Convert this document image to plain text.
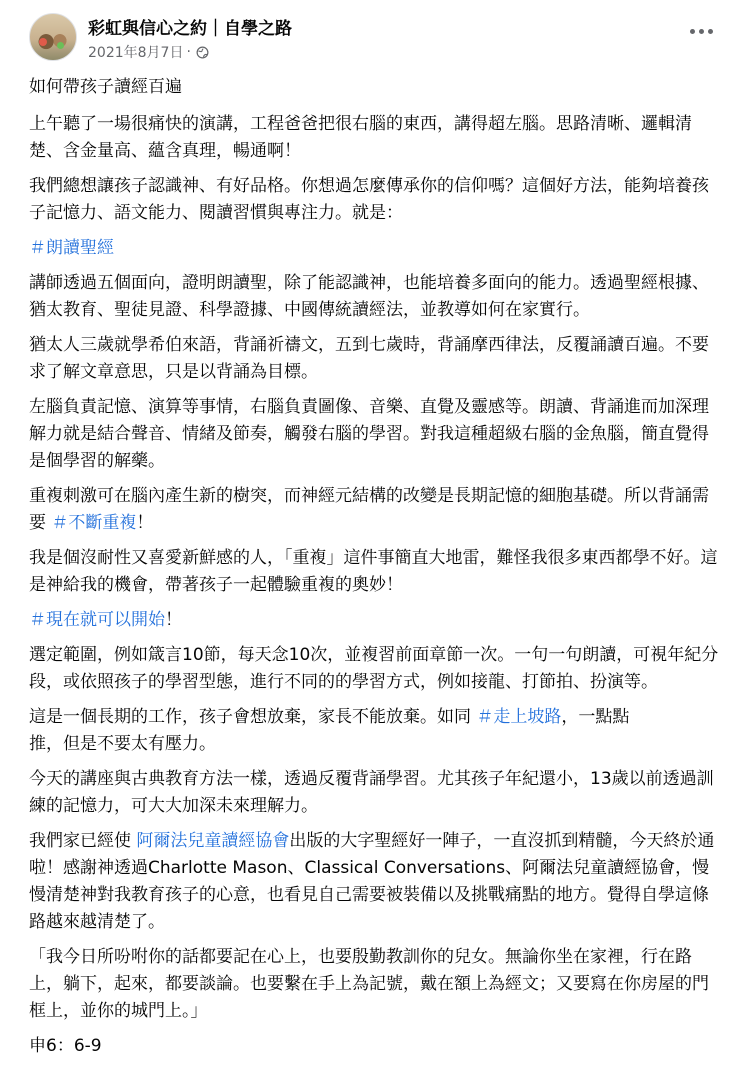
彩虹與信心之約｜自學之路
2021年8月7日 ·

如何帶孩子讀經百遍

上午聽了一場很痛快的演講，工程爸爸把很右腦的東西，講得超左腦。思路清晰、邏輯清楚、含金量高、蘊含真理，暢通啊！

我們總想讓孩子認識神、有好品格。你想過怎麼傳承你的信仰嗎？這個好方法，能夠培養孩子記憶力、語文能力、閱讀習慣與專注力。就是：

＃朗讀聖經

講師透過五個面向，證明朗讀聖，除了能認識神，也能培養多面向的能力。透過聖經根據、猶太教育、聖徒見證、科學證據、中國傳統讀經法，並教導如何在家實行。

猶太人三歲就學希伯來語，背誦祈禱文，五到七歲時，背誦摩西律法，反覆誦讀百遍。不要求了解文章意思，只是以背誦為目標。

左腦負責記憶、演算等事情，右腦負責圖像、音樂、直覺及靈感等。朗讀、背誦進而加深理解力就是結合聲音、情緒及節奏，觸發右腦的學習。對我這種超級右腦的金魚腦，簡直覺得是個學習的解藥。

重複刺激可在腦內產生新的樹突，而神經元結構的改變是長期記憶的細胞基礎。所以背誦需要 ＃不斷重複！

我是個沒耐性又喜愛新鮮感的人，「重複」這件事簡直大地雷，難怪我很多東西都學不好。這是神給我的機會，帶著孩子一起體驗重複的奧妙！

＃現在就可以開始！

選定範圍，例如箴言10節，每天念10次，並複習前面章節一次。一句一句朗讀，可視年紀分段，或依照孩子的學習型態，進行不同的的學習方式，例如接龍、打節拍、扮演等。

這是一個長期的工作，孩子會想放棄，家長不能放棄。如同 ＃走上坡路，一點點
推，但是不要太有壓力。

今天的講座與古典教育方法一樣，透過反覆背誦學習。尤其孩子年紀還小，13歲以前透過訓練的記憶力，可大大加深未來理解力。

我們家已經使 阿爾法兒童讀經協會出版的大字聖經好一陣子，一直沒抓到精髓，今天終於通啦！感謝神透過Charlotte Mason、Classical Conversations、阿爾法兒童讀經協會，慢慢清楚神對我教育孩子的心意，也看見自己需要被裝備以及挑戰痛點的地方。覺得自學這條路越來越清楚了。

「我今日所吩咐你的話都要記在心上，也要殷勤教訓你的兒女。無論你坐在家裡，行在路上，躺下，起來，都要談論。也要繫在手上為記號，戴在額上為經文；又要寫在你房屋的門框上，並你的城門上。」

申6：6-9
